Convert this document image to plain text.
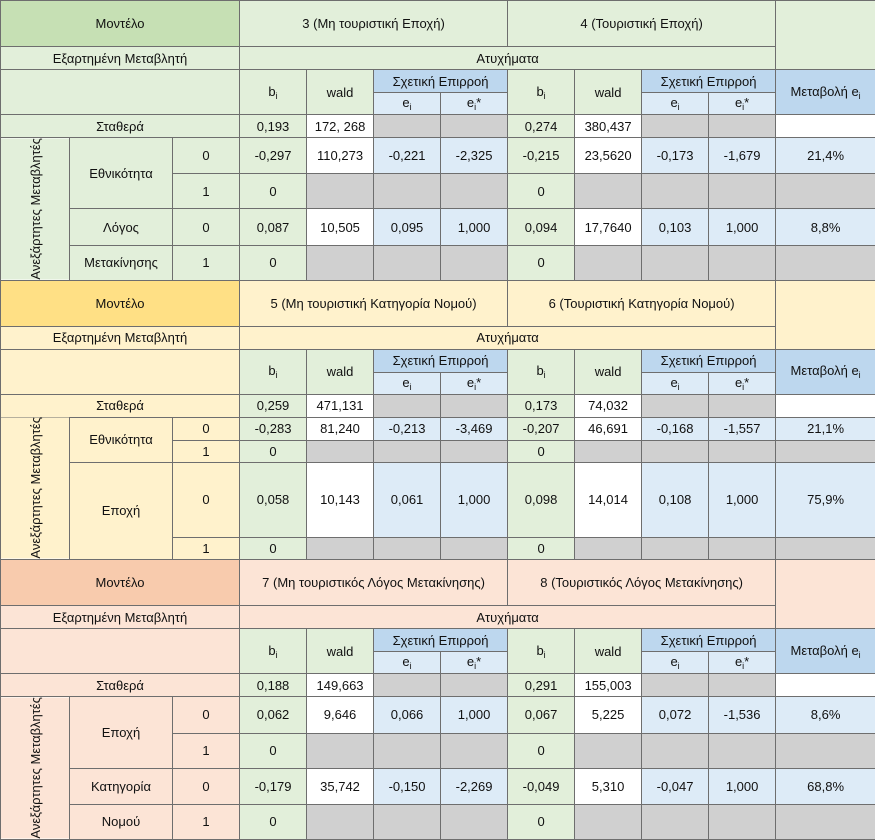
Μοντέλο			3 (Μη τουριστική Εποχή)				4 (Τουριστική Εποχή)				
Εξαρτημένη Μεταβλητή			Ατυχήματα								
			$b_i$	wald	Σχετική Επιρροή		$b_i$	wald	Σχετική Επιρροή		Μεταβολή $e_i$
					$e_i$	$e_i*$			$e_i$	$e_i*$	
Σταθερά			0,193	172, 268			0,274	380,437			
Ανεξάρτητες Μεταβλητές	Εθνικότητα	0	-0,297	110,273	-0,221	-2,325	-0,215	23,5620	-0,173	-1,679	21,4%
		1	0				0				
	Λόγος	0	0,087	10,505	0,095	1,000	0,094	17,7640	0,103	1,000	8,8%
	Μετακίνησης	1	0				0				
Μοντέλο			5 (Μη τουριστική Κατηγορία Νομού)				6 (Τουριστική Κατηγορία Νομού)				
Εξαρτημένη Μεταβλητή			Ατυχήματα								
			$b_i$	wald	Σχετική Επιρροή		$b_i$	wald	Σχετική Επιρροή		Μεταβολή $e_i$
					$e_i$	$e_i*$			$e_i$	$e_i*$	
Σταθερά			0,259	471,131			0,173	74,032			
Ανεξάρτητες Μεταβλητές	Εθνικότητα	0	-0,283	81,240	-0,213	-3,469	-0,207	46,691	-0,168	-1,557	21,1%
		1	0				0				
	Εποχή	0	0,058	10,143	0,061	1,000	0,098	14,014	0,108	1,000	75,9%
		1	0				0				
Μοντέλο			7 (Μη τουριστικός Λόγος Μετακίνησης)				8 (Τουριστικός Λόγος Μετακίνησης)				
Εξαρτημένη Μεταβλητή			Ατυχήματα								
			$b_i$	wald	Σχετική Επιρροή		$b_i$	wald	Σχετική Επιρροή		Μεταβολή $e_i$
					$e_i$	$e_i*$			$e_i$	$e_i*$	
Σταθερά			0,188	149,663			0,291	155,003			
Ανεξάρτητες Μεταβλητές	Εποχή	0	0,062	9,646	0,066	1,000	0,067	5,225	0,072	-1,536	8,6%
		1	0				0				
	Κατηγορία	0	-0,179	35,742	-0,150	-2,269	-0,049	5,310	-0,047	1,000	68,8%
	Νομού	1	0				0				
